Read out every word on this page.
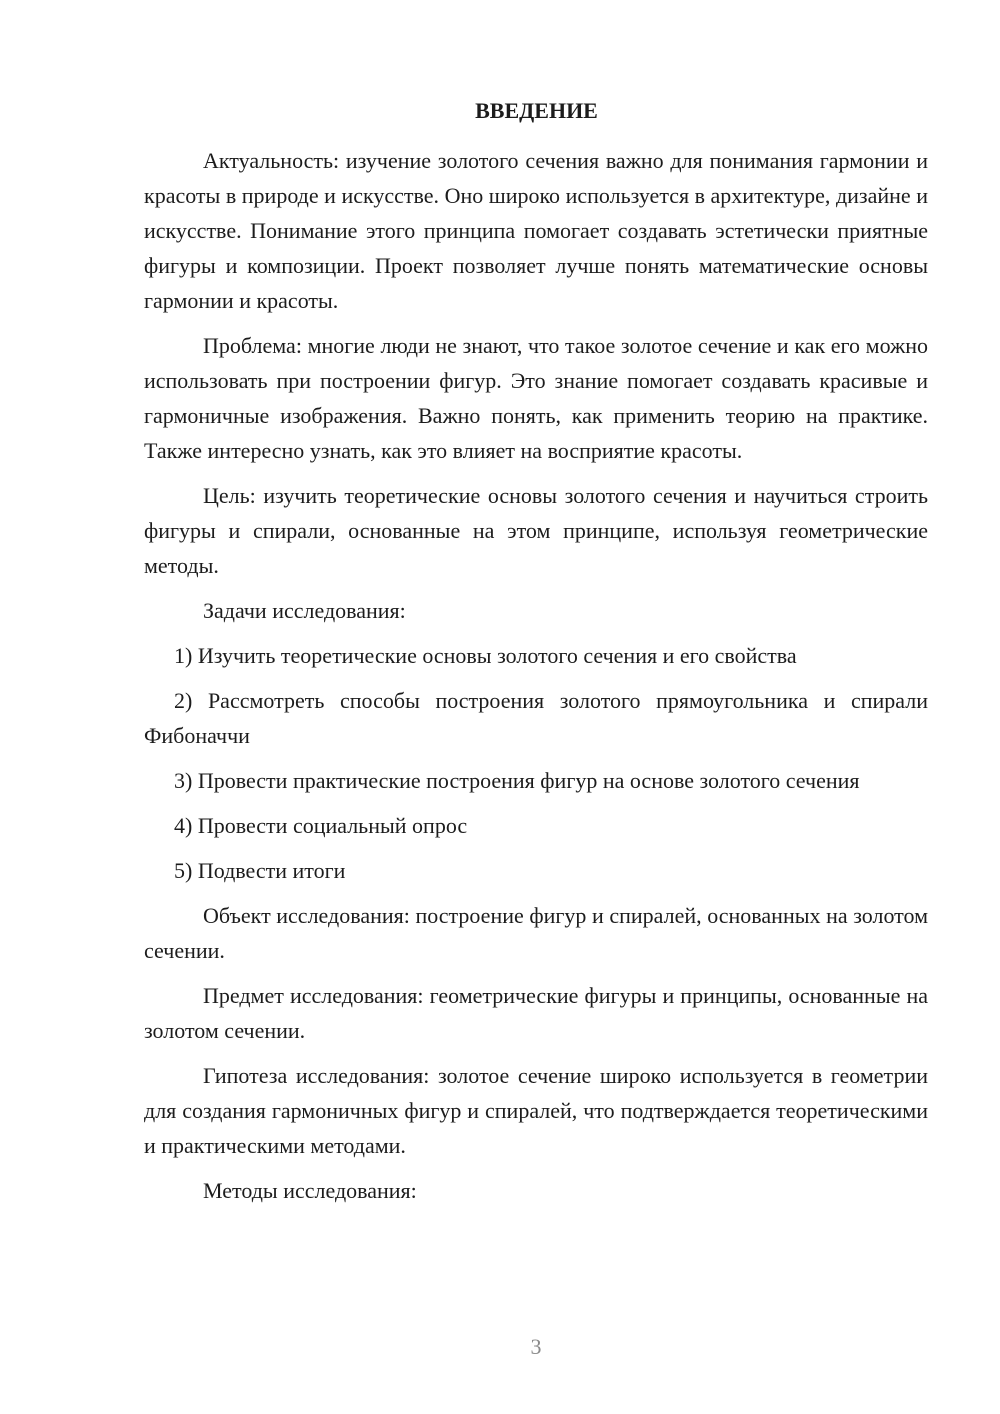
ВВЕДЕНИЕ

Актуальность: изучение золотого сечения важно для понимания гармонии и красоты в природе и искусстве. Оно широко используется в архитектуре, дизайне и искусстве. Понимание этого принципа помогает создавать эстетически приятные фигуры и композиции. Проект позволяет лучше понять математические основы гармонии и красоты.

Проблема: многие люди не знают, что такое золотое сечение и как его можно использовать при построении фигур. Это знание помогает создавать красивые и гармоничные изображения. Важно понять, как применить теорию на практике. Также интересно узнать, как это влияет на восприятие красоты.

Цель: изучить теоретические основы золотого сечения и научиться строить фигуры и спирали, основанные на этом принципе, используя геометрические методы.

Задачи исследования:

1) Изучить теоретические основы золотого сечения и его свойства

2) Рассмотреть способы построения золотого прямоугольника и спирали Фибоначчи

3) Провести практические построения фигур на основе золотого сечения

4) Провести социальный опрос

5) Подвести итоги

Объект исследования: построение фигур и спиралей, основанных на золотом сечении.

Предмет исследования: геометрические фигуры и принципы, основанные на золотом сечении.

Гипотеза исследования: золотое сечение широко используется в геометрии для создания гармоничных фигур и спиралей, что подтверждается теоретическими и практическими методами.

Методы исследования:

3
